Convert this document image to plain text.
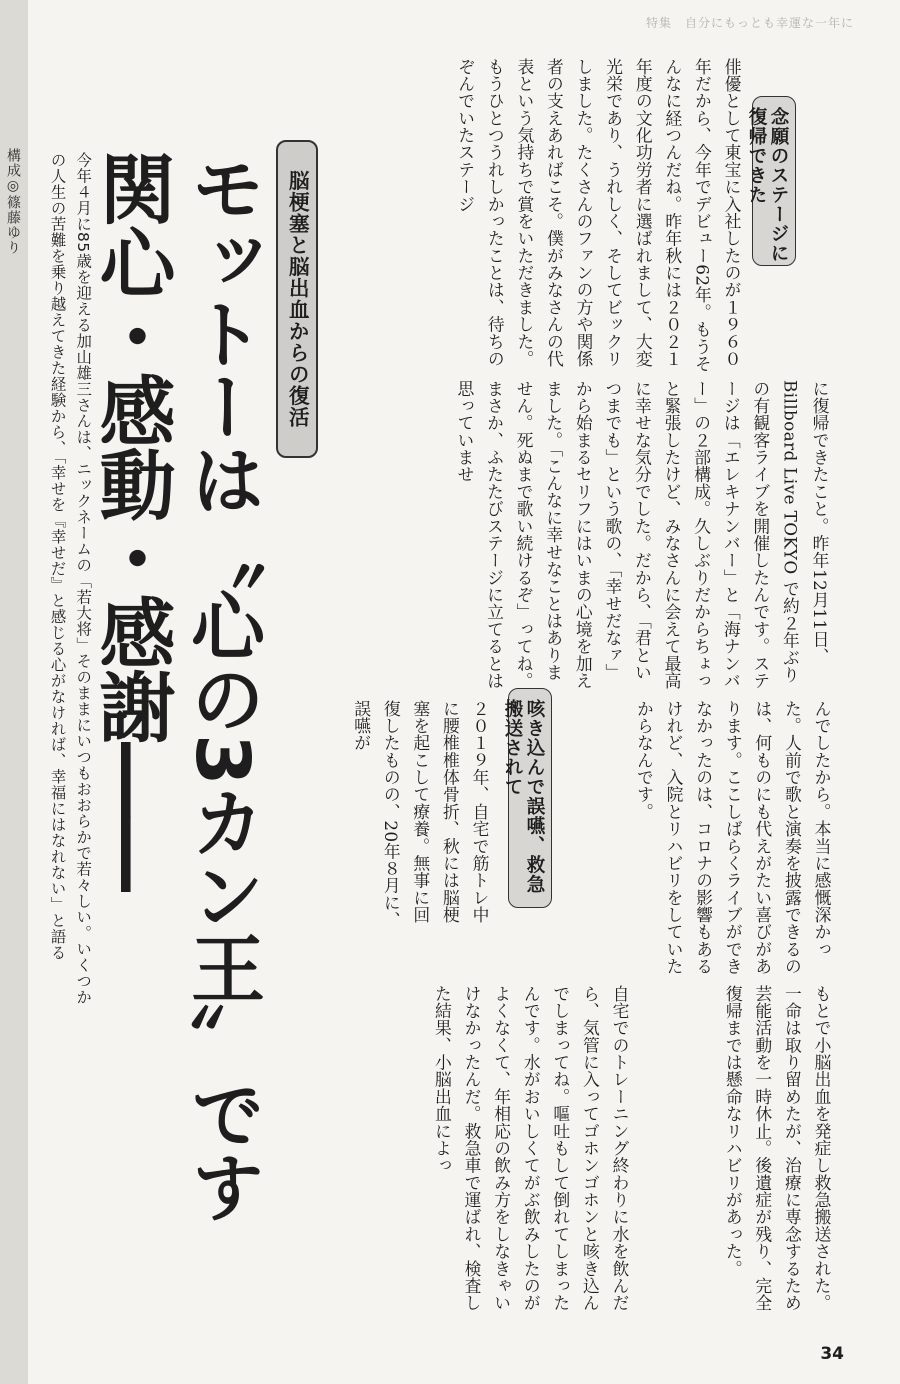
特集　自分にもっとも幸運な一年に
構成◎篠藤ゆり	今年４月に85歳を迎える加山雄三さんは、ニックネームの「若大将」そのままにいつもおおらかで若々しい。いくつかの人生の苦難を乗り越えてきた経験から、「幸せを『幸せだ』と感じる心がなければ、幸福にはなれない」と語る 関心・感動・感謝―― モットーは〝心の3カン王〟です 脳梗塞と脳出血からの復活	念願のステージに復帰できた
咳き込んで誤嚥、救急搬送されて
俳優として東宝に入社したのが１９６０年だから、今年でデビュー62年。もうそんなに経つんだね。昨年秋には２０２１年度の文化功労者に選ばれまして、大変光栄であり、うれしく、そしてビックリしました。たくさんのファンの方や関係者の支えあればこそ。僕がみなさんの代表という気持ちで賞をいただきました。もうひとつうれしかったことは、待ちのぞんでいたステージ
に復帰できたこと。昨年12月11日、Billboard Live TOKYO で約２年ぶりの有観客ライブを開催したんです。ステージは「エレキナンバー」と「海ナンバー」の２部構成。久しぶりだからちょっと緊張したけど、みなさんに会えて最高に幸せな気分でした。だから、「君といつまでも」という歌の、「幸せだなァ」から始まるセリフにはいまの心境を加えました。「こんなに幸せなことはありません。死ぬまで歌い続けるぞ」ってね。まさか、ふたたびステージに立てるとは思っていませ
んでしたから。本当に感慨深かった。人前で歌と演奏を披露できるのは、何ものにも代えがたい喜びがあります。ここしばらくライブができなかったのは、コロナの影響もあるけれど、入院とリハビリをしていたからなんです。
２０１９年、自宅で筋トレ中に腰椎椎体骨折、秋には脳梗塞を起こして療養。無事に回復したものの、20年８月に、誤嚥が
もとで小脳出血を発症し救急搬送された。一命は取り留めたが、治療に専念するため芸能活動を一時休止。後遺症が残り、完全復帰までは懸命なリハビリがあった。
自宅でのトレーニング終わりに水を飲んだら、気管に入ってゴホンゴホンと咳き込んでしまってね。嘔吐もして倒れてしまったんです。水がおいしくてがぶ飲みしたのがよくなくて、年相応の飲み方をしなきゃいけなかったんだ。救急車で運ばれ、検査した結果、小脳出血によっ
34
